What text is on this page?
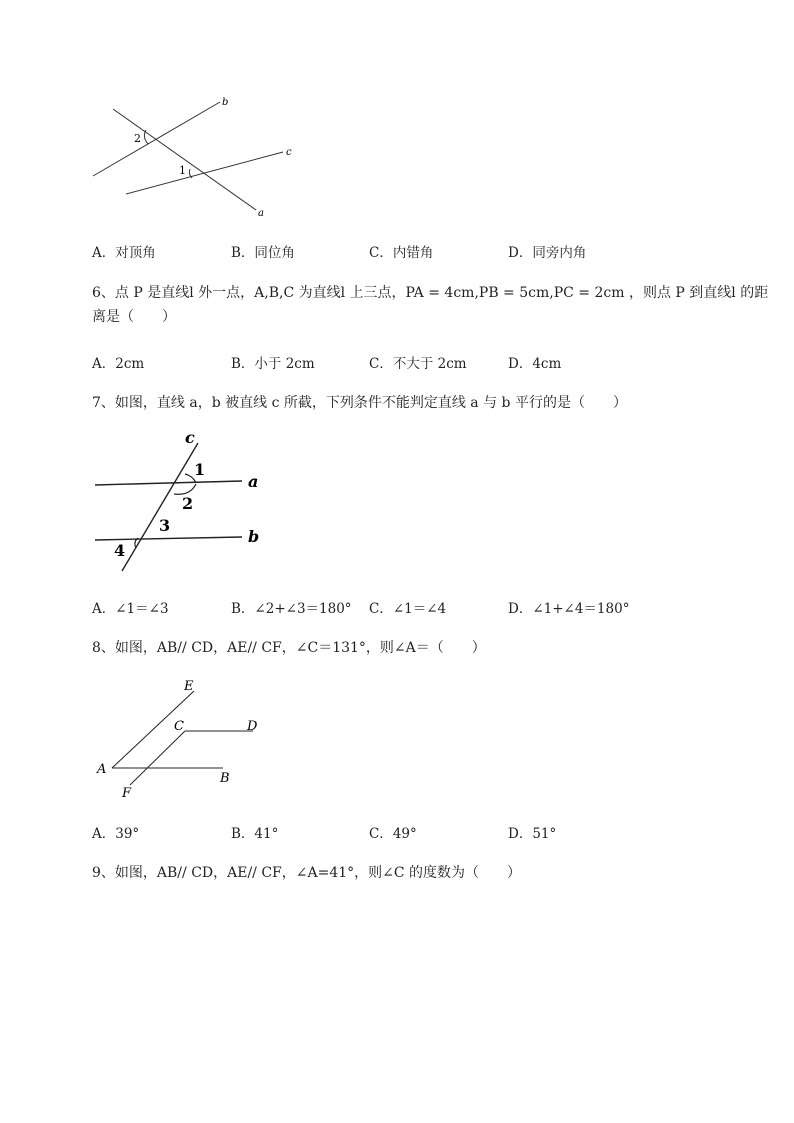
b
c
a
2
1
A．对顶角	B．同位角	C．内错角	D．同旁内角
6、点 P 是直线l 外一点，A,B,C 为直线l 上三点，PA = 4cm,PB = 5cm,PC = 2cm ，则点 P 到直线l 的距
离是（　　）
A．2cm	B．小于 2cm	C．不大于 2cm	D．4cm
7、如图，直线 a，b 被直线 c 所截，下列条件不能判定直线 a 与 b 平行的是（　　）
c
a
b
1
2
3
4
A．∠1＝∠3	B．∠2+∠3＝180° C．∠1＝∠4	D．∠1+∠4＝180°
8、如图，AB// CD，AE// CF，∠C＝131°，则∠A＝（　　）
E
C	D
A
B
F
A．39°	B．41°	C．49°	D．51°
9、如图，AB// CD，AE// CF，∠A=41°，则∠C 的度数为（　　）
